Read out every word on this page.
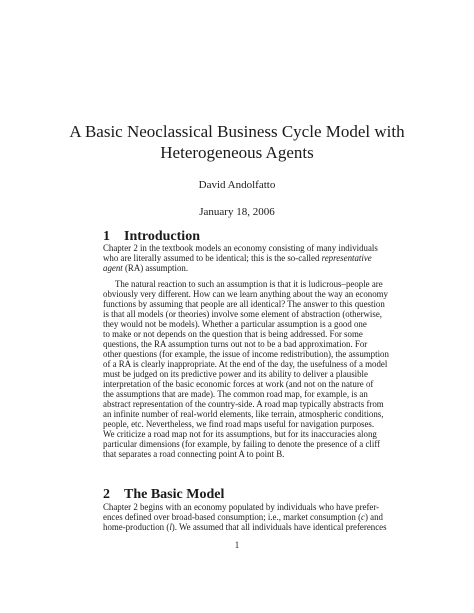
A Basic Neoclassical Business Cycle Model with
Heterogeneous Agents
David Andolfatto
January 18, 2006
1 Introduction
Chapter 2 in the textbook models an economy consisting of many individuals
who are literally assumed to be identical; this is the so-called representative
agent (RA) assumption.
The natural reaction to such an assumption is that it is ludicrous–people are
obviously very different. How can we learn anything about the way an economy
functions by assuming that people are all identical? The answer to this question
is that all models (or theories) involve some element of abstraction (otherwise,
they would not be models). Whether a particular assumption is a good one
to make or not depends on the question that is being addressed. For some
questions, the RA assumption turns out not to be a bad approximation. For
other questions (for example, the issue of income redistribution), the assumption
of a RA is clearly inappropriate. At the end of the day, the usefulness of a model
must be judged on its predictive power and its ability to deliver a plausible
interpretation of the basic economic forces at work (and not on the nature of
the assumptions that are made). The common road map, for example, is an
abstract representation of the country-side. A road map typically abstracts from
an infinite number of real-world elements, like terrain, atmospheric conditions,
people, etc. Nevertheless, we find road maps useful for navigation purposes.
We criticize a road map not for its assumptions, but for its inaccuracies along
particular dimensions (for example, by failing to denote the presence of a cliff
that separates a road connecting point A to point B.
2 The Basic Model
Chapter 2 begins with an economy populated by individuals who have prefer-
ences defined over broad-based consumption; i.e., market consumption (c) and
home-production (l). We assumed that all individuals have identical preferences
1
